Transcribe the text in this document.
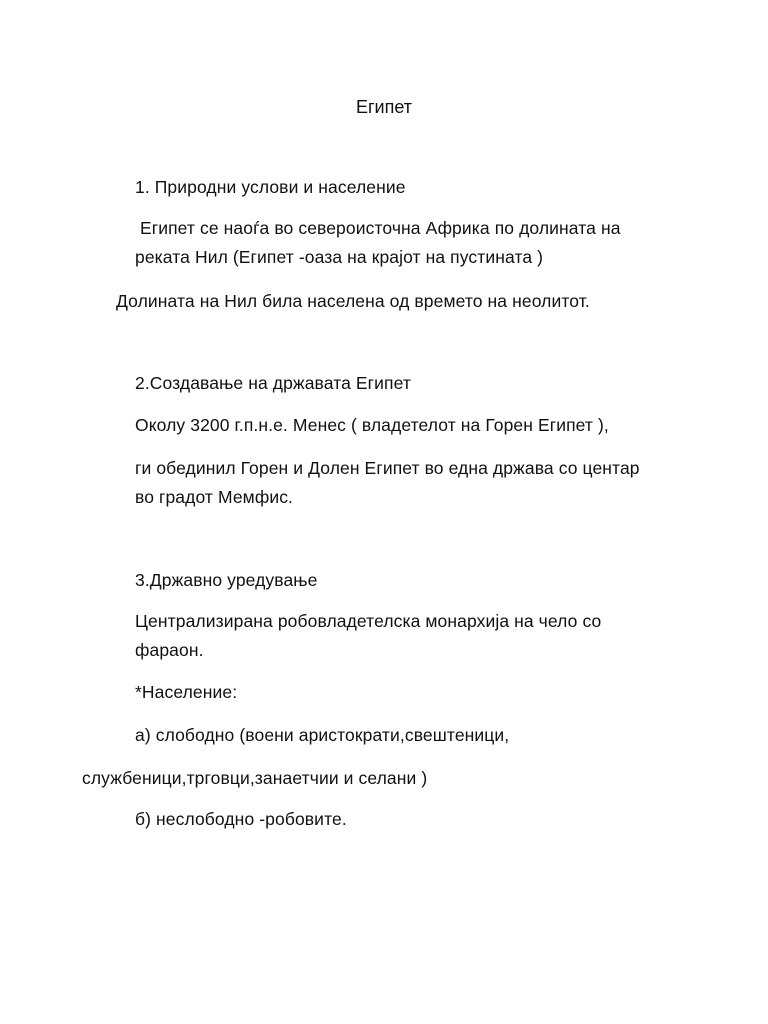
Египет
1. Природни услови и население
Египет се наоѓа во североисточна Африка по долината на
реката Нил (Египет -оаза на крајот на пустината )
Долината на Нил била населена од времето на неолитот.
2.Создавање на државата Египет
Околу 3200 г.п.н.е. Менес ( владетелот на Горен Египет ),
ги обединил Горен и Долен Египет во една држава со центар
во градот Мемфис.
3.Државно уредување
Централизирана робовладетелска монархија на чело со
фараон.
*Население:
а) слободно (воени аристократи,свештеници,
службеници,трговци,занаетчии и селани )
б) неслободно -робовите.
